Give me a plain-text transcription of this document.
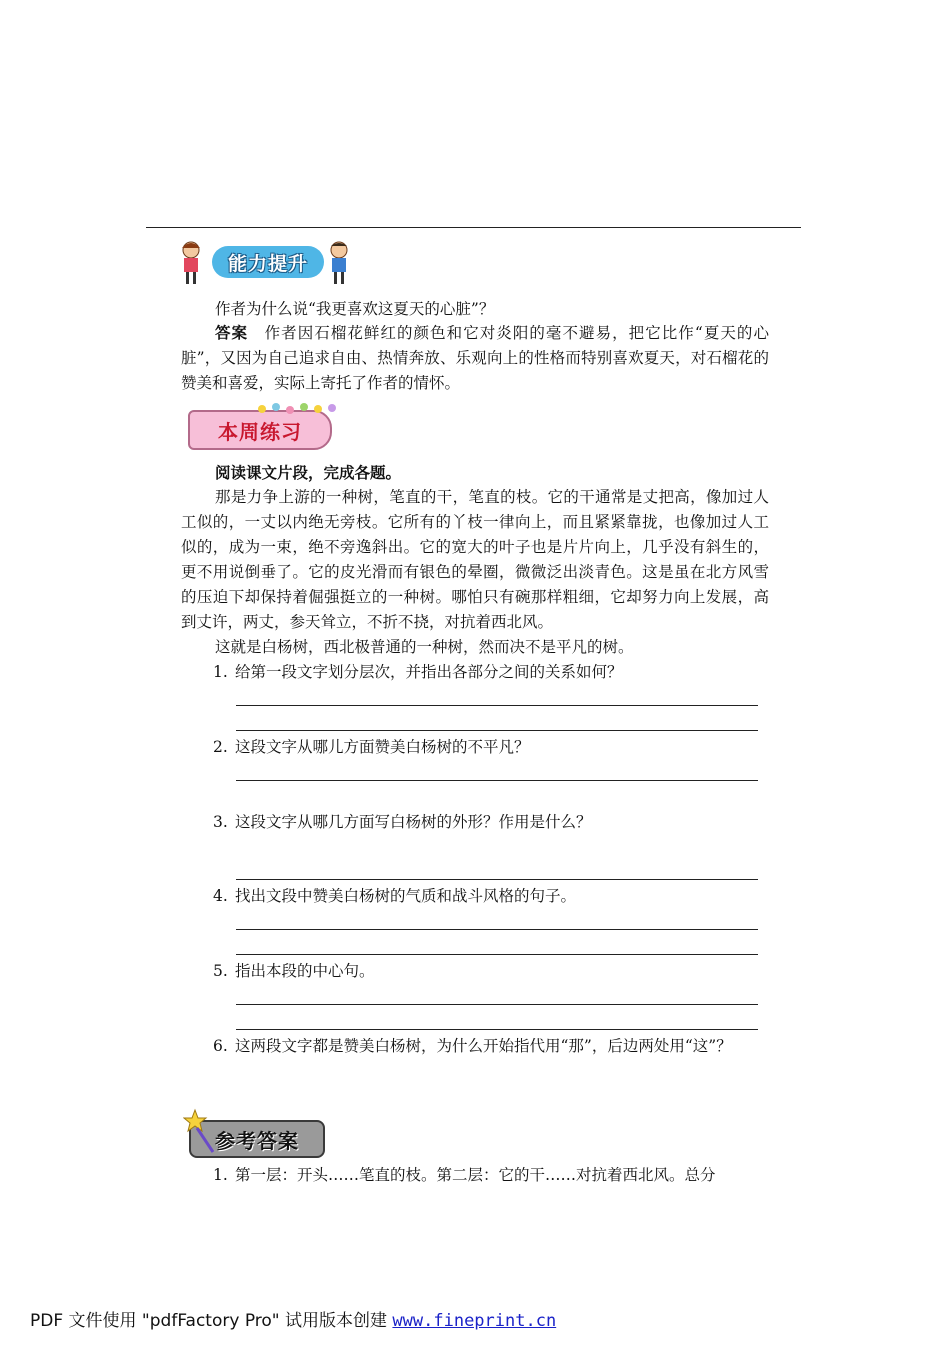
能力提升
作者为什么说“我更喜欢这夏天的心脏”？
答案　 作者因石榴花鲜红的颜色和它对炎阳的毫不避易，把它比作“夏天的心脏”，又因为自己追求自由、热情奔放、乐观向上的性格而特别喜欢夏天，对石榴花的赞美和喜爱，实际上寄托了作者的情怀。
本周练习
阅读课文片段，完成各题。
那是力争上游的一种树，笔直的干，笔直的枝。它的干通常是丈把高，像加过人工似的，一丈以内绝无旁枝。它所有的丫枝一律向上，而且紧紧靠拢，也像加过人工似的，成为一束，绝不旁逸斜出。它的宽大的叶子也是片片向上，几乎没有斜生的，更不用说倒垂了。它的皮光滑而有银色的晕圈，微微泛出淡青色。这是虽在北方风雪的压迫下却保持着倔强挺立的一种树。哪怕只有碗那样粗细，它却努力向上发展，高到丈许，两丈，参天耸立，不折不挠，对抗着西北风。
这就是白杨树，西北极普通的一种树，然而决不是平凡的树。
1. 给第一段文字划分层次，并指出各部分之间的关系如何？
2. 这段文字从哪儿方面赞美白杨树的不平凡？
3. 这段文字从哪几方面写白杨树的外形？作用是什么？
4. 找出文段中赞美白杨树的气质和战斗风格的句子。
5. 指出本段的中心句。
6. 这两段文字都是赞美白杨树，为什么开始指代用“那”，后边两处用“这”？
参考答案
1. 第一层：开头……笔直的枝。第二层：它的干……对抗着西北风。总分
PDF 文件使用 "pdfFactory Pro" 试用版本创建 www.fineprint.cn
